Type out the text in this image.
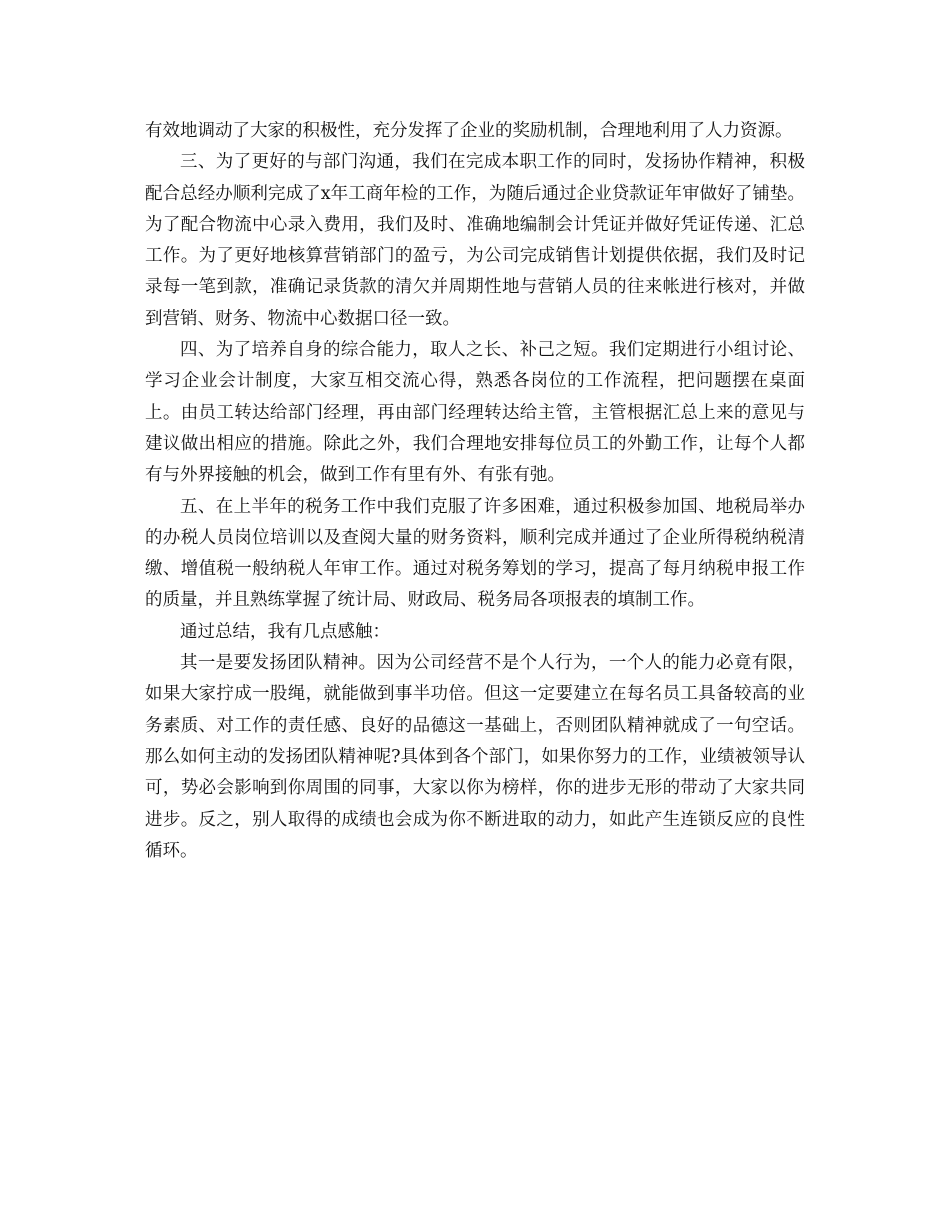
有效地调动了大家的积极性，充分发挥了企业的奖励机制，合理地利用了人力资源。

三、为了更好的与部门沟通，我们在完成本职工作的同时，发扬协作精神，积极配合总经办顺利完成了x年工商年检的工作，为随后通过企业贷款证年审做好了铺垫。为了配合物流中心录入费用，我们及时、准确地编制会计凭证并做好凭证传递、汇总工作。为了更好地核算营销部门的盈亏，为公司完成销售计划提供依据，我们及时记录每一笔到款，准确记录货款的清欠并周期性地与营销人员的往来帐进行核对，并做到营销、财务、物流中心数据口径一致。

四、为了培养自身的综合能力，取人之长、补己之短。我们定期进行小组讨论、学习企业会计制度，大家互相交流心得，熟悉各岗位的工作流程，把问题摆在桌面上。由员工转达给部门经理，再由部门经理转达给主管，主管根据汇总上来的意见与建议做出相应的措施。除此之外，我们合理地安排每位员工的外勤工作，让每个人都有与外界接触的机会，做到工作有里有外、有张有弛。

五、在上半年的税务工作中我们克服了许多困难，通过积极参加国、地税局举办的办税人员岗位培训以及查阅大量的财务资料，顺利完成并通过了企业所得税纳税清缴、增值税一般纳税人年审工作。通过对税务筹划的学习，提高了每月纳税申报工作的质量，并且熟练掌握了统计局、财政局、税务局各项报表的填制工作。

通过总结，我有几点感触：

其一是要发扬团队精神。因为公司经营不是个人行为，一个人的能力必竟有限，如果大家拧成一股绳，就能做到事半功倍。但这一定要建立在每名员工具备较高的业务素质、对工作的责任感、良好的品德这一基础上，否则团队精神就成了一句空话。那么如何主动的发扬团队精神呢?具体到各个部门，如果你努力的工作，业绩被领导认可，势必会影响到你周围的同事，大家以你为榜样，你的进步无形的带动了大家共同进步。反之，别人取得的成绩也会成为你不断进取的动力，如此产生连锁反应的良性循环。
